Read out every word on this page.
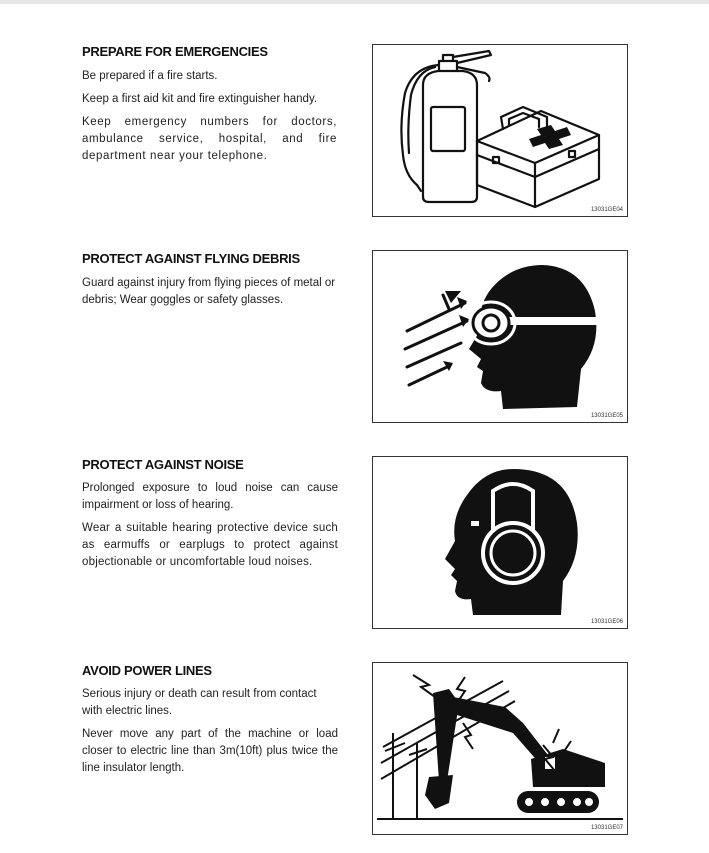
PREPARE FOR EMERGENCIES

Be prepared if a fire starts.

Keep a first aid kit and fire extinguisher handy.

Keep emergency numbers for doctors, ambulance service, hospital, and fire department near your telephone.

13031GE04
PROTECT AGAINST FLYING DEBRIS

Guard against injury from flying pieces of metal or debris; Wear goggles or safety glasses.

13031GE05
PROTECT AGAINST NOISE

Prolonged exposure to loud noise can cause impairment or loss of hearing.

Wear a suitable hearing protective device such as earmuffs or earplugs to protect against objectionable or uncomfortable loud noises.

13031GE06
AVOID POWER LINES

Serious injury or death can result from contact with electric lines.

Never move any part of the machine or load closer to electric line than 3m(10ft) plus twice the line insulator length.

13031GE07
